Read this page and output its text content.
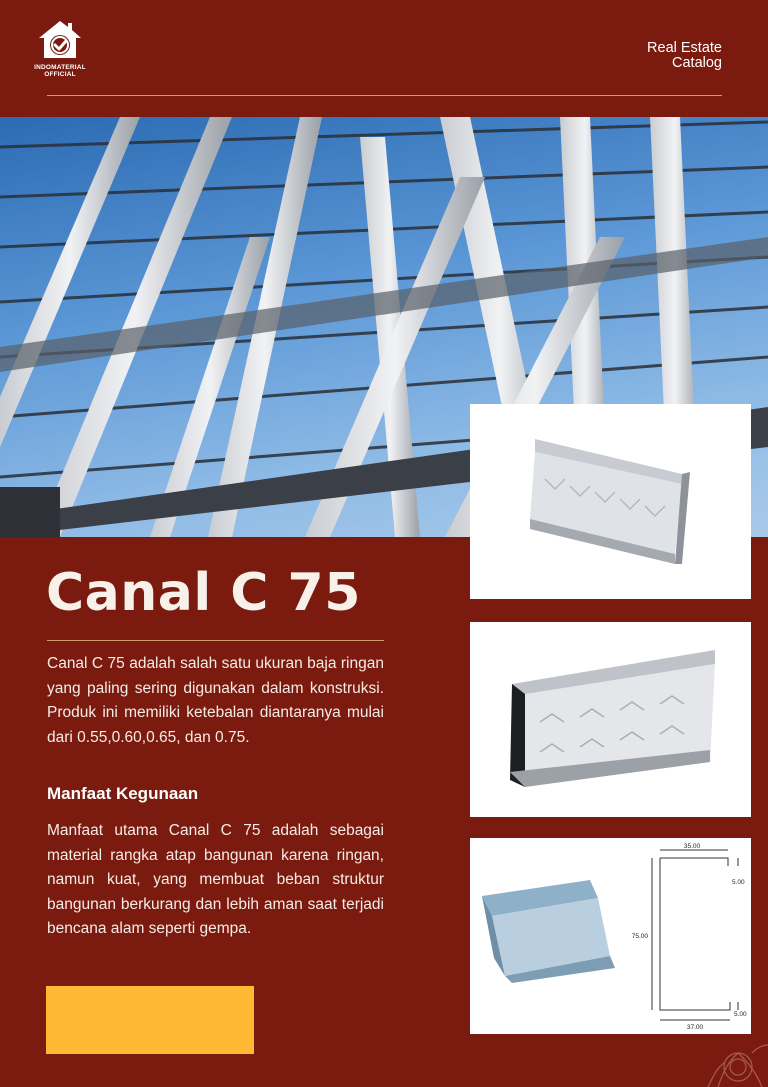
INDOMATERIAL
OFFICIAL
Real Estate
Catalog
35.00
5.00
75.00
37.00
5.00
Canal C 75

Canal C 75 adalah salah satu ukuran baja ringan yang paling sering digunakan dalam konstruksi. Produk ini memiliki ketebalan diantaranya mulai dari 0.55,0.60,0.65, dan 0.75.

Manfaat Kegunaan

Manfaat utama Canal C 75 adalah sebagai material rangka atap bangunan karena ringan, namun kuat, yang membuat beban struktur bangunan berkurang dan lebih aman saat terjadi bencana alam seperti gempa.
